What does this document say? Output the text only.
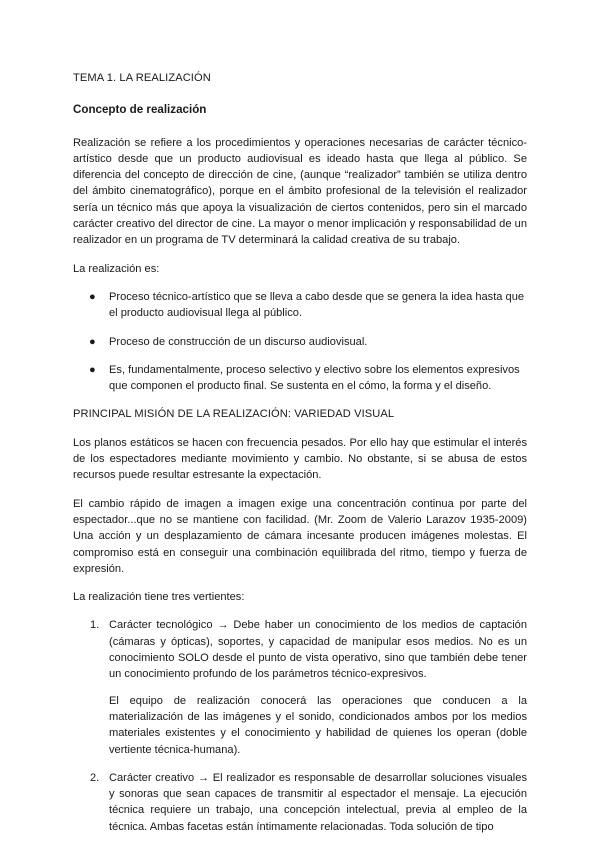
TEMA 1. LA REALIZACIÓN

Concepto de realización

Realización se refiere a los procedimientos y operaciones necesarias de carácter técnico-artístico desde que un producto audiovisual es ideado hasta que llega al público. Se diferencia del concepto de dirección de cine, (aunque “realizador” también se utiliza dentro del ámbito cinematográfico), porque en el ámbito profesional de la televisión el realizador sería un técnico más que apoya la visualización de ciertos contenidos, pero sin el marcado carácter creativo del director de cine. La mayor o menor implicación y responsabilidad de un realizador en un programa de TV determinará la calidad creativa de su trabajo.

La realización es:

● Proceso técnico-artístico que se lleva a cabo desde que se genera la idea hasta que el producto audiovisual llega al público.
● Proceso de construcción de un discurso audiovisual.
● Es, fundamentalmente, proceso selectivo y electivo sobre los elementos expresivos que componen el producto final. Se sustenta en el cómo, la forma y el diseño.

PRINCIPAL MISIÓN DE LA REALIZACIÓN: VARIEDAD VISUAL

Los planos estáticos se hacen con frecuencia pesados. Por ello hay que estimular el interés de los espectadores mediante movimiento y cambio. No obstante, si se abusa de estos recursos puede resultar estresante la expectación.

El cambio rápido de imagen a imagen exige una concentración continua por parte del espectador...que no se mantiene con facilidad. (Mr. Zoom de Valerio Larazov 1935-2009) Una acción y un desplazamiento de cámara incesante producen imágenes molestas. El compromiso está en conseguir una combinación equilibrada del ritmo, tiempo y fuerza de expresión.

La realización tiene tres vertientes:

1. Carácter tecnológico → Debe haber un conocimiento de los medios de captación (cámaras y ópticas), soportes, y capacidad de manipular esos medios. No es un conocimiento SOLO desde el punto de vista operativo, sino que también debe tener un conocimiento profundo de los parámetros técnico-expresivos.

El equipo de realización conocerá las operaciones que conducen a la materialización de las imágenes y el sonido, condicionados ambos por los medios materiales existentes y el conocimiento y habilidad de quienes los operan (doble vertiente técnica-humana).

2. Carácter creativo → El realizador es responsable de desarrollar soluciones visuales y sonoras que sean capaces de transmitir al espectador el mensaje. La ejecución técnica requiere un trabajo, una concepción intelectual, previa al empleo de la técnica. Ambas facetas están íntimamente relacionadas. Toda solución de tipo
